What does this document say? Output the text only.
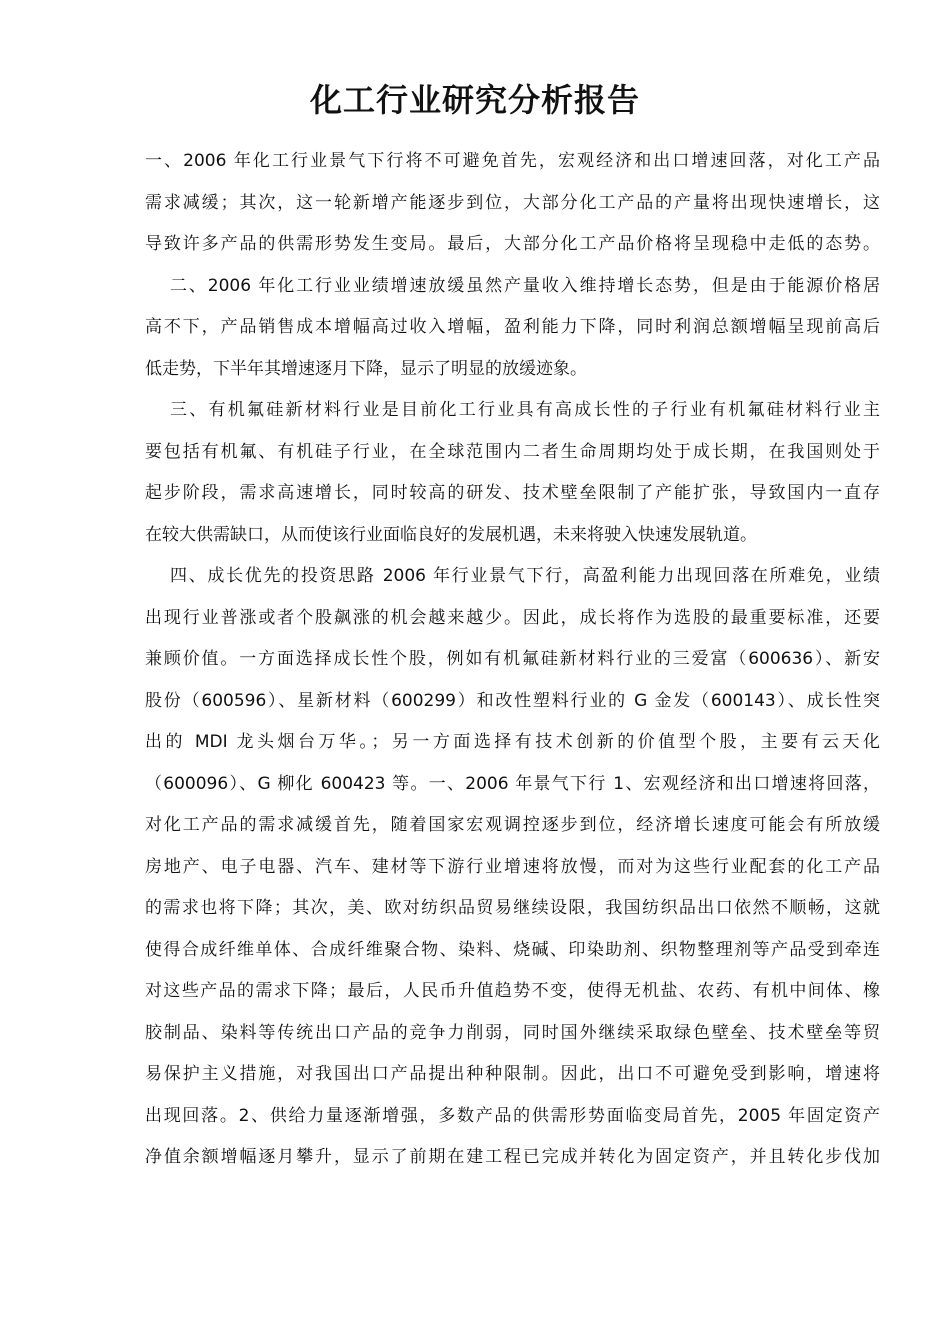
化工行业研究分析报告
一、2006 年化工行业景气下行将不可避免首先，宏观经济和出口增速回落，对化工产品
需求减缓；其次，这一轮新增产能逐步到位，大部分化工产品的产量将出现快速增长，这
导致许多产品的供需形势发生变局。最后，大部分化工产品价格将呈现稳中走低的态势。
二、2006 年化工行业业绩增速放缓虽然产量收入维持增长态势，但是由于能源价格居
高不下，产品销售成本增幅高过收入增幅，盈利能力下降，同时利润总额增幅呈现前高后
低走势，下半年其增速逐月下降，显示了明显的放缓迹象。
三、有机氟硅新材料行业是目前化工行业具有高成长性的子行业有机氟硅材料行业主
要包括有机氟、有机硅子行业，在全球范围内二者生命周期均处于成长期，在我国则处于
起步阶段，需求高速增长，同时较高的研发、技术壁垒限制了产能扩张，导致国内一直存
在较大供需缺口，从而使该行业面临良好的发展机遇，未来将驶入快速发展轨道。
四、成长优先的投资思路 2006 年行业景气下行，高盈利能力出现回落在所难免，业绩
出现行业普涨或者个股飙涨的机会越来越少。因此，成长将作为选股的最重要标准，还要
兼顾价值。一方面选择成长性个股，例如有机氟硅新材料行业的三爱富（600636）、新安
股份（600596）、星新材料（600299）和改性塑料行业的 G 金发（600143）、成长性突
出的 MDI 龙头烟台万华。；另一方面选择有技术创新的价值型个股，主要有云天化
（600096）、G 柳化 600423 等。一、2006 年景气下行 1、宏观经济和出口增速将回落，
对化工产品的需求减缓首先，随着国家宏观调控逐步到位，经济增长速度可能会有所放缓
房地产、电子电器、汽车、建材等下游行业增速将放慢，而对为这些行业配套的化工产品
的需求也将下降；其次，美、欧对纺织品贸易继续设限，我国纺织品出口依然不顺畅，这就
使得合成纤维单体、合成纤维聚合物、染料、烧碱、印染助剂、织物整理剂等产品受到牵连
对这些产品的需求下降；最后，人民币升值趋势不变，使得无机盐、农药、有机中间体、橡
胶制品、染料等传统出口产品的竞争力削弱，同时国外继续采取绿色壁垒、技术壁垒等贸
易保护主义措施，对我国出口产品提出种种限制。因此，出口不可避免受到影响，增速将
出现回落。2、供给力量逐渐增强，多数产品的供需形势面临变局首先，2005 年固定资产
净值余额增幅逐月攀升，显示了前期在建工程已完成并转化为固定资产，并且转化步伐加
